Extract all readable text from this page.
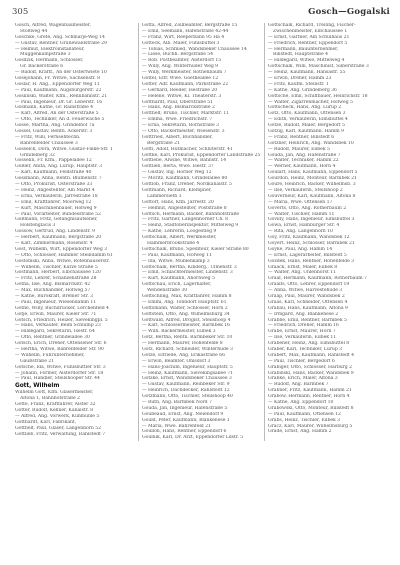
305	Gosch—Gogalski
Gosch, Alfred, Wagenbaumeister,
Stoßweg 44
Goschke, Grete, Ang. Schmarje-Weg 14
— Gustav, Rentner, Grunewaldstraße 29
— Helmut, Elektroinstallateur,
Müggenkampstraße 3
Gosdzik, Hermann, Schlosser,
Gr. Bäckerstraße 6
— Rudolf, Kraftf., An der Ostertwiete 10
Gosejohann, Fr. Witwe, Sachsenstr. 8
Goslar, H. Ang., Eppendorfer Weg 11
— Paul, Kaufmann, Augsburgerstr. 22
Goslinski, Walter, Kfm., Rennbahnstr. 21
— Paul, Ingenieur, Dr. Gr. Leberstr. 16
Gosmann, Käthe, Gr. Rainstraße 4
— Karl, Alfred, An der Osterstraße 5
— Otto, Techniker, An d. Feuerwache 5
Gosse, Martha, Ang. Grindelhof 7a
Gossel, Gustav, Rentn. Ackerstr. 3
— Fritz, Willi, Fernsehtechn.
Bahrenfelder Chaussee 3
Gosselck, Dora, Witwe, Gustav-Falke-Str. 1
Grindelberg 32
Gosselin, Fr. Kfm., Pappelallee 12
Goßler, Anita, Ang. Lurup, Hauptstr. 3
— Karl, Kaufmann, Feldstraße 40
Gossmann, Anna, Rentn. Blumenstr. 7
— Otto, Prokurist, Osterstraße 33
— Heinz, Angestellter, Am Markt 4
— Erna, Verkäuferin, Jarrestraße 18
— Emil, Kraftfahrer, Moorweg 12
— Kurt, Maschinenbauer, Hofweg 9
— Paul, Vorarbeiter, Bundesstraße 52
Goßmann, Fritz, Gefängnisaufseher,
Holstenglacis 3
Gossow, Gertrud, Ang. Lindenstr. 9
— Herbert, Kaufmann, Bergstraße 20
— Karl, Zimmermann, Rosenstr. 4
Gost, Wilhelm, Wirt, Eppendorfer Weg 3
— Otto, Schlosser, Hammer Steindamm 61
Gostomski, Anna, Witwe, Rotenhäuserstr.
— Wilhelm, Tischler, Kurze Straße 5
Gostmann, Herbert, Elbchaussee 120
— Fritz, Lehrer, Schanzenstraße 28
Gotha, Ilse, Ang. Bismarckstr. 42
— Max, Buchhändler, Hofweg 57
— Käthe, Bürokraft, Bremer Str. 3
— Paul, Ingenieur, Wiesendamm 11
Gothe, Willy, Buchdrucker, Lerchenfeld 4
Gotje, Erwin, Maurer, Kieler Str. 71
Gotsch, Friedrich, Heizer, Sievekingpl. 5
— Hans, Verkäufer, Beim Schlump 23
— Hildegard, Sekretärin, Isestr. 64
— Otto, Rentner, Grindelallee 30
Götsch, Erich, Dreher, Ottensener Str. 6
— Hertha, Witwe, Bahrenfelder Str. 90
— Wilhelm, Fuhrunternehmer,
Gaußstraße 21
Götsche, Ida, Witwe, Fuhlsbüttler Str. 3
— Johann, Former, Alsterdorfer Str. 18
— Paul, Händler, Steilshooper Str. 44
Gott, Wilhelm
Wilhelm Gott, Kfm. Glasermeister,
Altona 1, Bahnhofstraße 2
Gotte, Franz, Kraftfahrer, Alster 32
Gotter, Rudolf, Kellner, Kanalstr. 8
— Alfred, Ang. Vorwerk, Kuhmühle 5
Gotthardt, Karl, Fabrikant,
Gotthelf, Paul, Glaser, Langenhorn 52
Gottlieb, Fritz, Verwaltung, Rahlstedt 7
Gotta, Alfred, Zollbeamter, Bergstraße 15
— Emil, Seemann, Hafenstraße 42-44
— Franz, Wirt, Reeperbahn 95 Ha 4
Gotteck, Alb. Maler, Fuhlsbüttel 3
— Tobias, Schmied, Wandsbeker Chaussee 14
— Liese, Buchh. Bergstraße 54
— Rob. Postbeamter, Alsterdorf 15
— Willy, Ang. Winterhuder Weg 9
— Willy, Werkmeister, Rothenbaum 7
Gottel, Elfr. Wwe. Goetheallee 12
Gotter, Adr. Kaufmann, Parkstraße 22
— Gerhard, Reeder, Isestraße 20
— Helene, Witwe, Kl. Theaterstr. 3
Gotthardt, Paul, Oberstraße 51
— Hans, Ang. Bismarckstraße 2
Gotthelf, Bruno, Tischler, Marktstr. 11
— Emma, Wwe. Friedrichstr. 7
— Erna, Sekretärin, Bornstraße 3
— Otto, Bäckermeister, Wiesenstr. 3
Gottfried, Albert, Buchhändler,
Bergstraße 21
Gotti, Adolf, Hutmacher, Schlüterstr. 41
Gottke, Karl, Prokurist, Eppendorfer Landstraße 25
Gottlebe, Alwine, Witwe, Bahnstr. 14
Gottlieb, Berta, Wwe. Isestr. 37
— Gustav, Ing. Horner Weg 12
— Moritz, Kaufmann, Grindelallee 80
Gottlob, Franz, Dreher, Nordkanalstr. 5
Gottmann, Richard, Klempner,
Lämmersieth 3
Gottorf, Hans, Kfm. Jarrestr. 20
— Helmut, Angestellter, Poststraße 8
Gottsch, Hermann, Bäcker, Bahnhofstraße
— Fritz, Gärtner, Langenhorner Ch. 8
— Heinz, Stadtoberinspektor, Mittelweg 9
— Käthe, Lehrerin, Loogestieg 9
Gottschalk, Albert, Werkmeister,
Hammerbrookstraße 4
Gottschalk, Bruno, Spediteur, Kieler Straße 80
— Paul, Kaufmann, Hofweg 11
— Ida, Witwe, Mühlenkamp 3
Gottschalk, Bertha, Kinderg., Ulmenstr. 3
— Emil, Schlachtermeister, Lindenstr. 3
— Kurt, Kaufmann, Ahornweg 5
Gottschau, Erich, Lagerhalter,
Wendenstraße 30
Gottschling, Max, Kraftfahrer, Hamm 8
— Emmi, Ang. Tonndorf Hauptstr. 61
Gottsmann, Walter, Schlosser, Horn 2
Gottstein, Otto, Ang. Wilhelmsburg 34
Gottwald, Alfred, Drogist, Steilshoop 4
— Karl, Schlossermeister, Barmbek 16
— Wilh. Bäckermeister, Eilbek 3
Gotz, Bertha, Rentn. Barmbeker Str. 10
— Hermann, Maurer, Hohenfelde 8
Götz, Richard, Schneider, Winterhude 3
Götze, Elfriede, Ang. Erikastraße 66
— Erwin, Beamter, Ohlsdorf 3
— Hans-Joachim, Ingenieur, Hauptstr. 5
— Heinz, Kaufmann, Sievekingsallee 71
Götzke, Ernst, Wandsbeker Chaussee 3
— Gustav, Kaufmann, Reinbeker Str. 9
— Heinrich, Dachdecker, Rahlstedt 12
Gotzmann, Otto, Tischler, Steilshoop 40
— Ruth, Ang. Barmbek Nord 7
Gouda, Jan, Ingenieur, Hafenstraße 5
Goubeaud, Ernst, Ang. Meiendorf 9
Gould, Peter, Kaufmann, Blankenese 1
— Maria, Wwe. Bahrenfeld 21
Goullon, Hans, Rentner, Eppendorf 6
Goulnik, Karl, Dr. Arzt, Eppendorfer Ldstr. 5
Gottschalk, Richard, Treiling, Fischer-
Zwischenmeister, Elbchaussee 1
— Ernst, Gärtner, Am Schulhaus 21
— Friedrich, Rentner, Eppendorf 5
— Hermann, Bauunternehmer,
Billstedt, Hauptstraße 4
— Hildegard, Witwe, Mittelweg 4
Gottschalk, Willi, Maschinist, Silberstraße 3
— Heinz, Kaufmann, Hansastr. 55
— Erwin, Dreher, Hamm 23
— Fritz, Kaufm. Steinstr. 1
— Käthe, Ang. Grindelberg 36
Gottsche, Emil, Schiffbauer, Heinrichstr. 18
— Walter, Zigarrenmacher, Hofweg 5
Gottscheck, Hans, Ang. Lurup 2
Götz, Otto, Kaufmann, Ottensen 3
— Edith, Verkäuferin, Eimsbüttel 4
Götze, Rudolf, Maler, Bergedorf 5
Gotzig, Karl, Kaufmann, Hamm 9
— Franz, Rentner, Billstedt 6
Gotzner, Heinrich, Ang. Wandsbek 10
— Rudolf, Maurer, Eilbek 5
Gouda, Jan, Ang. Hafenstraße 7
— Walter, Techniker, Hamm 22
— Werner, Kaufmann, Horn 4
Goulart, Hans, Kaufmann, Eppendorf 5
Gourdon, Heinz, Monteur, Barmbek 21
Goure, Heinrich, Bäcker, Wilhelmsb. 3
— Ilse, Verkäuferin, Steilshoop 2
Gouverneur, Karl, Kaufmann, Altona 8
— Maria, Wwe. Ottensen 17
Goverts, Otto, Ang. Rotherbaum 2
— Walter, Tischler, Hamm 11
Govidy, Hans, Ingenieur, Eimsbüttel 3
Gowa, Ernst, Hamburger Str. 4
— Rita, Ang. Langenhorn 10
Goy, Fritz, Kaufmann, Wandsbek 12
Goyert, Heinz, Schlosser, Barmbek 21
Goyke, Paul, Ang. Hamm 14
— Ernst, Lagerarbeiter, Billstedt 5
Gozdek, Hans, Rentner, Hohenfelde 3
Graack, Ernst, Maler, Eilbek 8
— Walter, Ang. Uhlenhorst 11
Graaf, Hermann, Kaufmann, Rotherbaum 7
Graalfs, Otto, Lehrer, Eppendorf 19
— Anna, Witwe, Harvestehude 3
Graap, Paul, Maurer, Wandsbek 2
Graas, Karl, Schneider, Ottensen 4
Grabau, Hans, Kaufmann, Altona 9
— Irmgard, Ang. Blankenese 2
Grabbe, Emil, Rentner, Barmbek 5
— Friedrich, Dreher, Hamm 16
Grabe, Ernst, Maurer, Horn 7
— Ilse, Verkäuferin, Eilbek 11
Grabener, Heinz, Ang. Eimsbüttel 8
Graber, Karl, Techniker, Lurup 3
Grabert, Max, Kaufmann, Rahlstedt 4
— Paul, Tischler, Bergedorf 6
Grabiger, Otto, Schlosser, Harburg 2
Grabinski, Hans, Bäcker, Wandsbek 9
Grabke, Erich, Maler, Altona 3
— Rudolf, Ang. Barmbek 7
Grabner, Fritz, Kaufmann, Hamm 21
Grabow, Hermann, Rentner, Horn 4
— Käthe, Ang. Eppendorf 10
Grabowski, Otto, Monteur, Billstedt 8
— Paul, Kaufmann, Ottensen 12
Grabs, Heinz, Tischler, Eilbek 3
Gracz, Karl, Maurer, Wilhelmsburg 5
Grade, Ernst, Ang. Hamm 2
